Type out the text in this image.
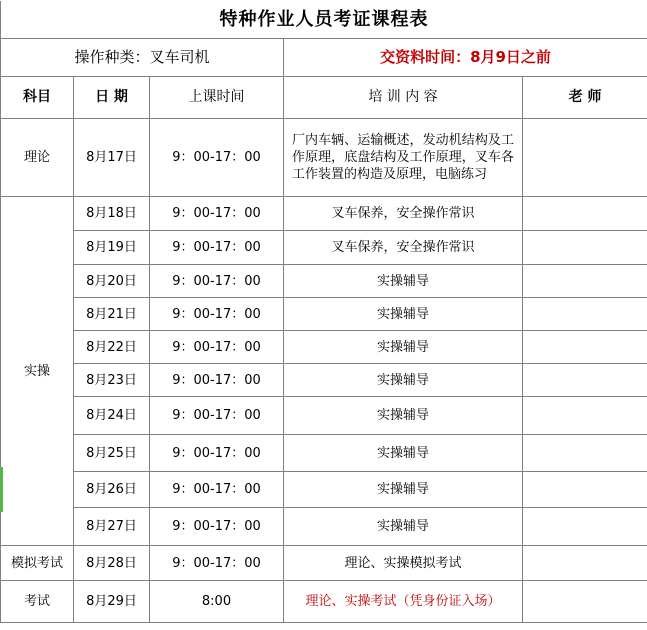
特种作业人员考证课程表				
操作种类：叉车司机			交资料时间：8月9日之前	
科目	日 期	上课时间	培 训 内 容	老 师
理论	8月17日	9：00-17：00	厂内车辆、运输概述，发动机结构及工作原理，底盘结构及工作原理，叉车各工作装置的构造及原理，电脑练习	
实操	8月18日	9：00-17：00	叉车保养，安全操作常识	
	8月19日	9：00-17：00	叉车保养，安全操作常识	
	8月20日	9：00-17：00	实操辅导	
	8月21日	9：00-17：00	实操辅导	
	8月22日	9：00-17：00	实操辅导	
	8月23日	9：00-17：00	实操辅导	
	8月24日	9：00-17：00	实操辅导	
	8月25日	9：00-17：00	实操辅导	
	8月26日	9：00-17：00	实操辅导	
	8月27日	9：00-17：00	实操辅导	
模拟考试	8月28日	9：00-17：00	理论、实操模拟考试	
考试	8月29日	8:00	理论、实操考试（凭身份证入场）	
